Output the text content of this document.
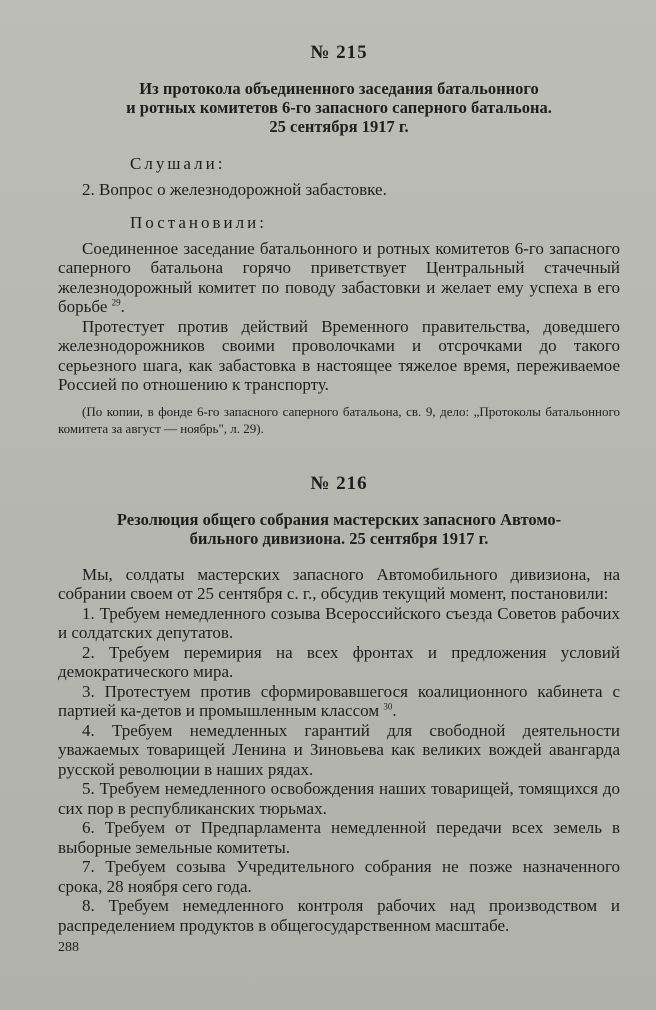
№ 215
Из протокола объединенного заседания батальонного
и ротных комитетов 6-го запасного саперного батальона.
25 сентября 1917 г.
Слушали:

2. Вопрос о железнодорожной забастовке.

Постановили:

Соединенное заседание батальонного и ротных комитетов 6-го запасного саперного батальона горячо приветствует Центральный стачечный железнодорожный комитет по поводу забастовки и желает ему успеха в его борьбе $^{29}$.

Протестует против действий Временного правительства, доведшего железнодорожников своими проволочками и отсрочками до такого серьезного шага, как забастовка в настоящее тяжелое время, переживаемое Россией по отношению к транспорту.

(По копии, в фонде 6-го запасного саперного батальона, св. 9, дело: „Протоколы батальонного комитета за август — ноябрь", л. 29).
№ 216
Резолюция общего собрания мастерских запасного Автомо-
бильного дивизиона. 25 сентября 1917 г.

Мы, солдаты мастерских запасного Автомобильного дивизиона, на собрании своем от 25 сентября с. г., обсудив текущий момент, постановили:

1. Требуем немедленного созыва Всероссийского съезда Советов рабочих и солдатских депутатов.

2. Требуем перемирия на всех фронтах и предложения условий демократического мира.

3. Протестуем против сформировавшегося коалиционного кабинета с партией ка-детов и промышленным классом $^{30}$.

4. Требуем немедленных гарантий для свободной деятельности уважаемых товарищей Ленина и Зиновьева как великих вождей авангарда русской революции в наших рядах.

5. Требуем немедленного освобождения наших товарищей, томящихся до сих пор в республиканских тюрьмах.

6. Требуем от Предпарламента немедленной передачи всех земель в выборные земельные комитеты.

7. Требуем созыва Учредительного собрания не позже назначенного срока, 28 ноября сего года.

8. Требуем немедленного контроля рабочих над производством и распределением продуктов в общегосударственном масштабе.

288
